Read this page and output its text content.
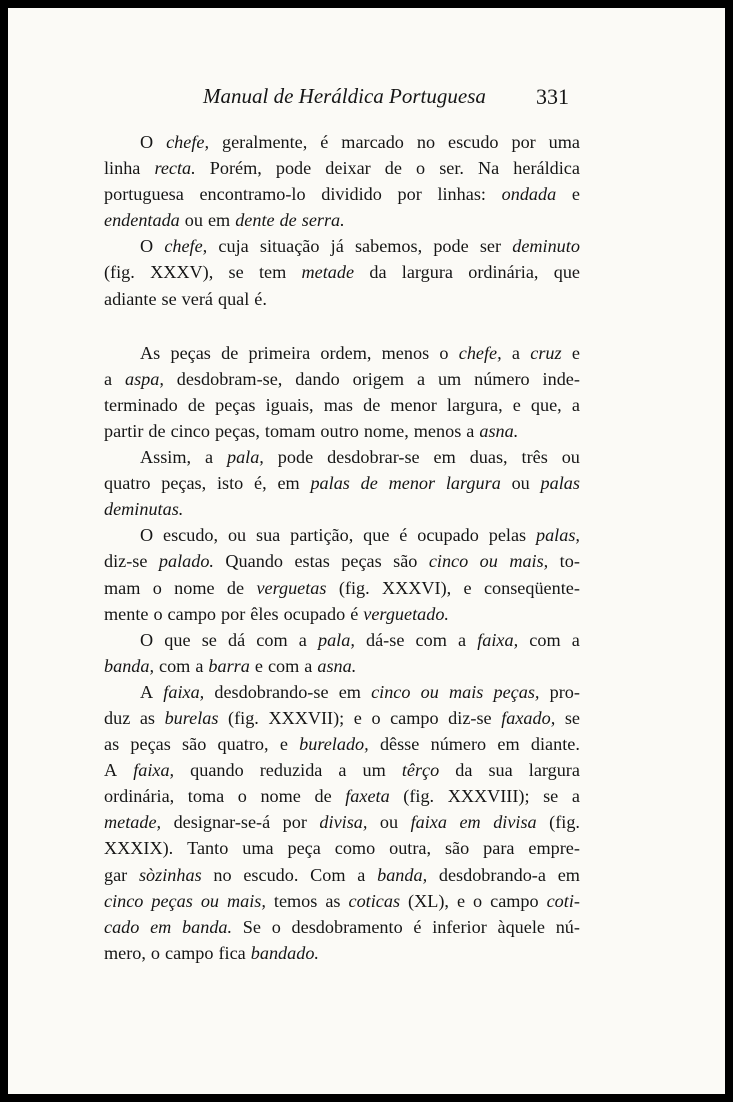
Manual de Heráldica Portuguesa 331
O chefe, geralmente, é marcado no escudo por uma
linha recta. Porém, pode deixar de o ser. Na heráldica
portuguesa encontramo-lo dividido por linhas: ondada e
endentada ou em dente de serra.
O chefe, cuja situação já sabemos, pode ser deminuto
(fig. XXXV), se tem metade da largura ordinária, que
adiante se verá qual é.
As peças de primeira ordem, menos o chefe, a cruz e
a aspa, desdobram-se, dando origem a um número inde-
terminado de peças iguais, mas de menor largura, e que, a
partir de cinco peças, tomam outro nome, menos a asna.
Assim, a pala, pode desdobrar-se em duas, três ou
quatro peças, isto é, em palas de menor largura ou palas
deminutas.
O escudo, ou sua partição, que é ocupado pelas palas,
diz-se palado. Quando estas peças são cinco ou mais, to-
mam o nome de verguetas (fig. XXXVI), e conseqüente-
mente o campo por êles ocupado é verguetado.
O que se dá com a pala, dá-se com a faixa, com a
banda, com a barra e com a asna.
A faixa, desdobrando-se em cinco ou mais peças, pro-
duz as burelas (fig. XXXVII); e o campo diz-se faxado, se
as peças são quatro, e burelado, dêsse número em diante.
A faixa, quando reduzida a um têrço da sua largura
ordinária, toma o nome de faxeta (fig. XXXVIII); se a
metade, designar-se-á por divisa, ou faixa em divisa (fig.
XXXIX). Tanto uma peça como outra, são para empre-
gar sòzinhas no escudo. Com a banda, desdobrando-a em
cinco peças ou mais, temos as coticas (XL), e o campo coti-
cado em banda. Se o desdobramento é inferior àquele nú-
mero, o campo fica bandado.
